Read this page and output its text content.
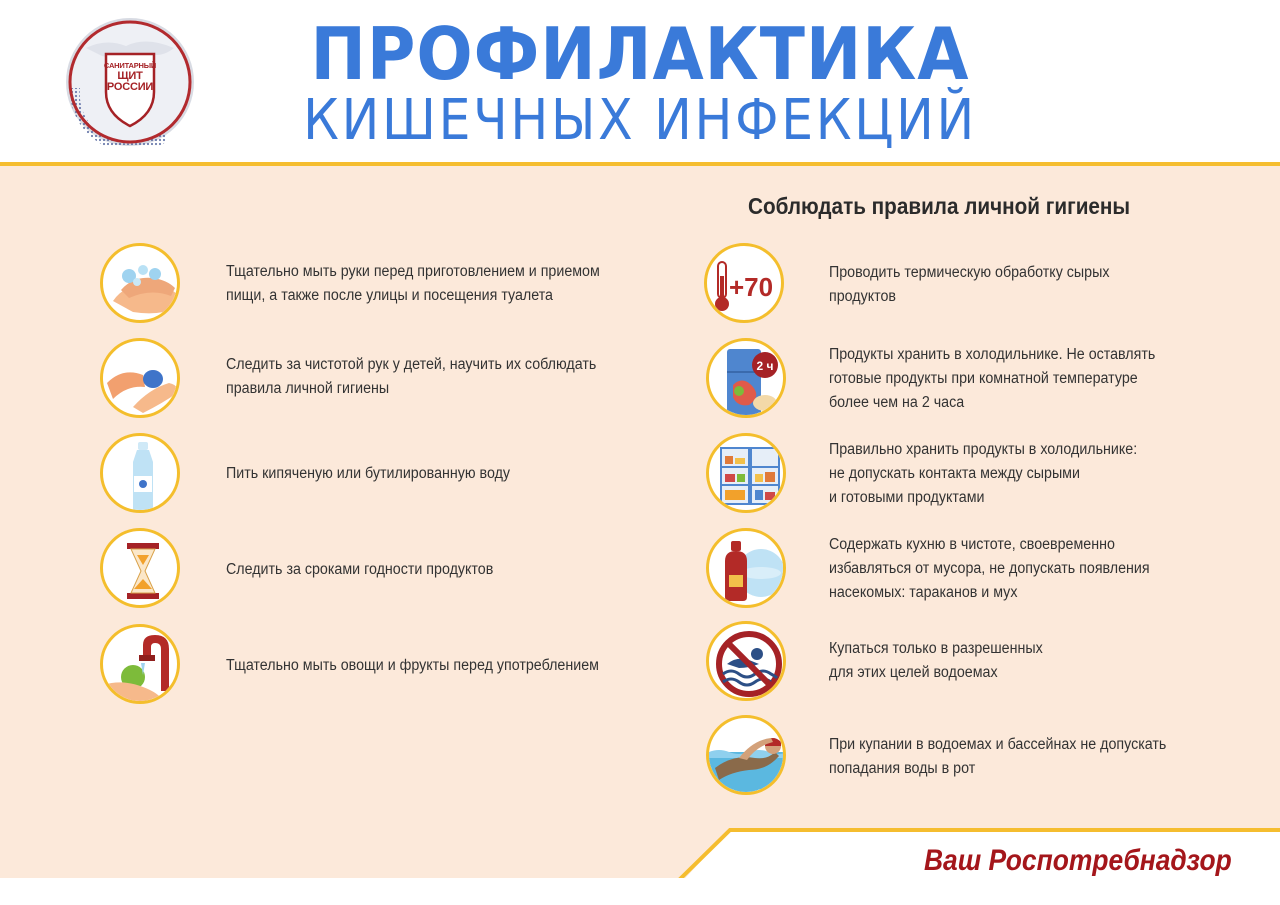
САНИТАРНЫЙ
ЩИТ
РОССИИ	ПРОФИЛАКТИКА
КИШЕЧНЫХ ИНФЕКЦИЙ
Соблюдать правила личной гигиены
Тщательно мыть руки перед приготовлением и приемом
пищи, а также после улицы и посещения туалета
Следить за чистотой рук у детей, научить их соблюдать
правила личной гигиены
Пить кипяченую или бутилированную воду
Следить за сроками годности продуктов
Тщательно мыть овощи и фрукты перед употреблением
+70	Проводить термическую обработку сырых
продуктов
2 ч
Продукты хранить в холодильнике. Не оставлять
готовые продукты при комнатной температуре
более чем на 2 часа
Правильно хранить продукты в холодильнике:
не допускать контакта между сырыми
и готовыми продуктами
Содержать кухню в чистоте, своевременно
избавляться от мусора, не допускать появления
насекомых: тараканов и мух
Купаться только в разрешенных
для этих целей водоемах
При купании в водоемах и бассейнах не допускать
попадания воды в рот
Ваш Роспотребнадзор
